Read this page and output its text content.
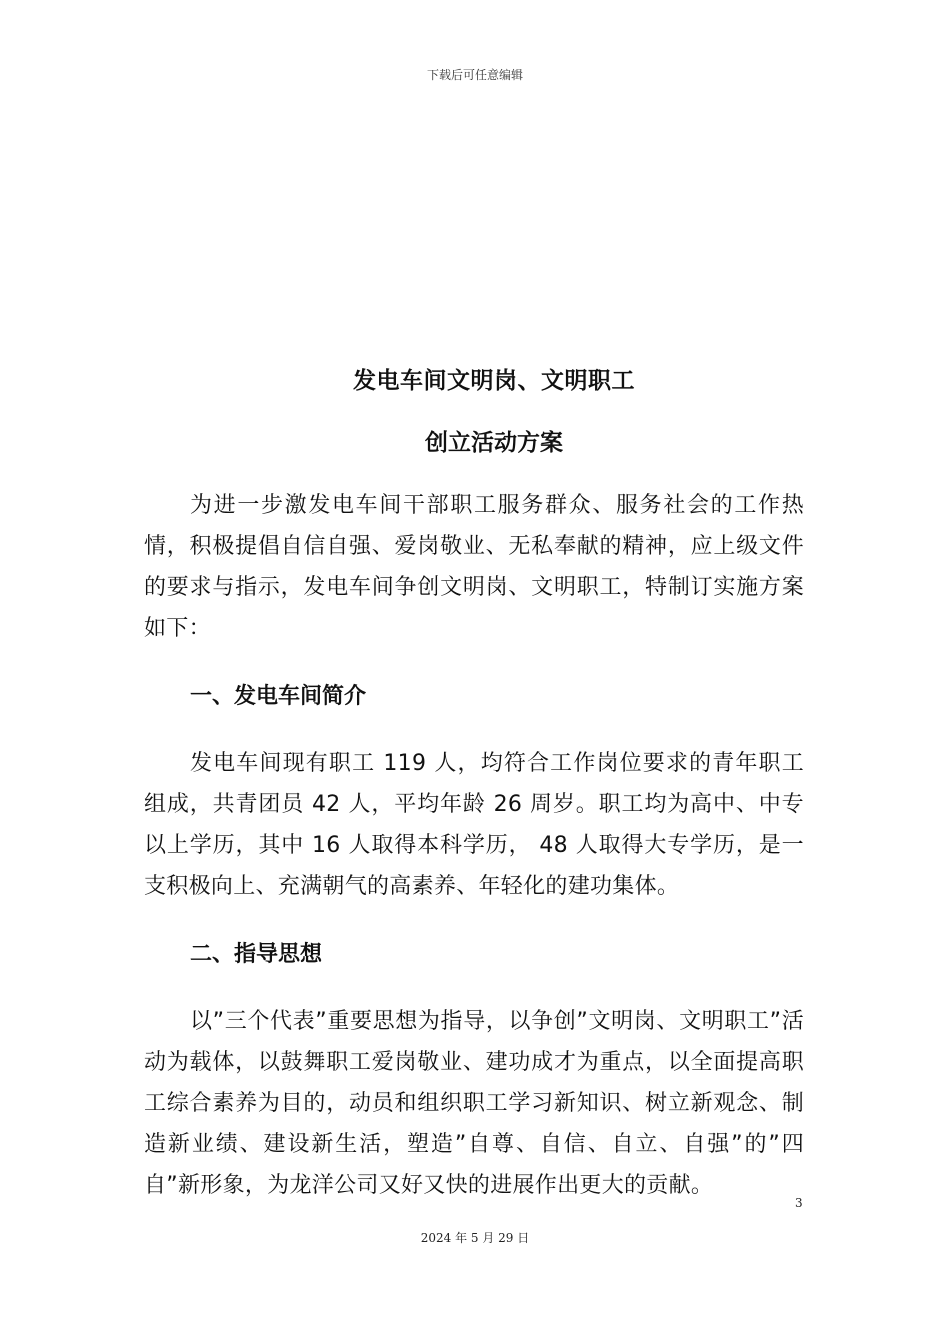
下载后可任意编辑
发电车间文明岗、文明职工
创立活动方案

为进一步激发电车间干部职工服务群众、服务社会的工作热情，积极提倡自信自强、爱岗敬业、无私奉献的精神，应上级文件的要求与指示，发电车间争创文明岗、文明职工，特制订实施方案如下：

一、发电车间简介

发电车间现有职工 119 人，均符合工作岗位要求的青年职工组成，共青团员 42 人，平均年龄 26 周岁。职工均为高中、中专以上学历，其中 16 人取得本科学历， 48 人取得大专学历，是一支积极向上、充满朝气的高素养、年轻化的建功集体。

二、指导思想

以”三个代表”重要思想为指导，以争创”文明岗、文明职工”活动为载体，以鼓舞职工爱岗敬业、建功成才为重点，以全面提高职工综合素养为目的，动员和组织职工学习新知识、树立新观念、制造新业绩、建设新生活，塑造”自尊、自信、自立、自强”的”四自”新形象，为龙洋公司又好又快的进展作出更大的贡献。

3
2024 年 5 月 29 日
